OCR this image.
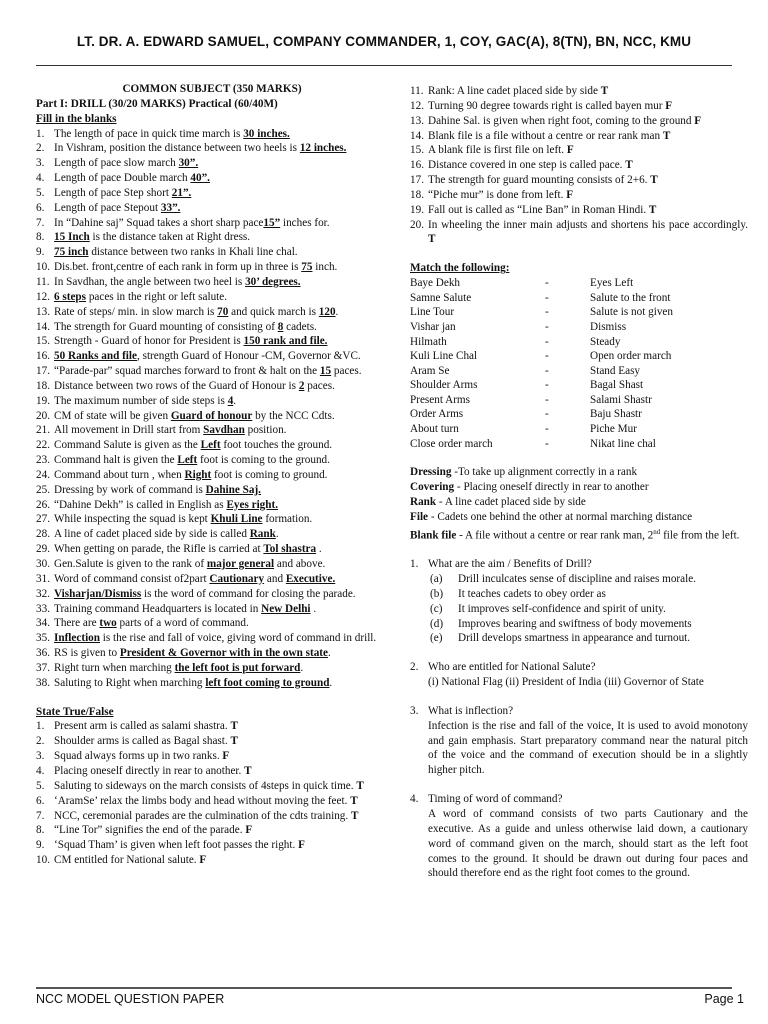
LT. DR. A. EDWARD SAMUEL, COMPANY COMMANDER, 1, COY, GAC(A), 8(TN), BN, NCC, KMU
COMMON SUBJECT (350 MARKS)
Part I: DRILL (30/20 MARKS) Practical (60/40M)
Fill in the blanks
1. The length of pace in quick time march is 30 inches.
2. In Vishram, position the distance between two heels is 12 inches.
3. Length of pace slow march 30”.
4. Length of pace Double march 40”.
5. Length of pace Step short 21”.
6. Length of pace Stepout 33”.
7. In “Dahine saj” Squad takes a short sharp pace15” inches for.
8. 15 Inch is the distance taken at Right dress.
9. 75 inch distance between two ranks in Khali line chal.
10. Dis.bet. front,centre of each rank in form up in three is 75 inch.
11. In Savdhan, the angle between two heel is 30’ degrees.
12. 6 steps paces in the right or left salute.
13. Rate of steps/ min. in slow march is 70 and quick march is 120.
14. The strength for Guard mounting of consisting of 8 cadets.
15. Strength - Guard of honor for President is 150 rank and file.
16. 50 Ranks and file, strength Guard of Honour -CM, Governor &VC.
17. “Parade-par” squad marches forward to front & halt on the 15 paces.
18. Distance between two rows of the Guard of Honour is 2 paces.
19. The maximum number of side steps is 4.
20. CM of state will be given Guard of honour by the NCC Cdts.
21. All movement in Drill start from Savdhan position.
22. Command Salute is given as the Left foot touches the ground.
23. Command halt is given the Left foot is coming to the ground.
24. Command about turn , when Right foot is coming to ground.
25. Dressing by work of command is Dahine Saj.
26. “Dahine Dekh” is called in English as Eyes right.
27. While inspecting the squad is kept Khuli Line formation.
28. A line of cadet placed side by side is called Rank.
29. When getting on parade, the Rifle is carried at Tol shastra .
30. Gen.Salute is given to the rank of major general and above.
31. Word of command consist of2part Cautionary and Executive.
32. Visharjan/Dismiss is the word of command for closing the parade.
33. Training command Headquarters is located in New Delhi .
34. There are two parts of a word of command.
35. Inflection is the rise and fall of voice, giving word of command in drill.
36. RS is given to President & Governor with in the own state.
37. Right turn when marching the left foot is put forward.
38. Saluting to Right when marching left foot coming to ground.
State True/False
1. Present arm is called as salami shastra. T
2. Shoulder arms is called as Bagal shast. T
3. Squad always forms up in two ranks. F
4. Placing oneself directly in rear to another. T
5. Saluting to sideways on the march consists of 4steps in quick time. T
6. ‘AramSe’ relax the limbs body and head without moving the feet. T
7. NCC, ceremonial parades are the culmination of the cdts training. T
8. “Line Tor” signifies the end of the parade. F
9. ‘Squad Tham’ is given when left foot passes the right. F
10. CM entitled for National salute. F
11. Rank: A line cadet placed side by side T
12. Turning 90 degree towards right is called bayen mur F
13. Dahine Sal. is given when right foot, coming to the ground F
14. Blank file is a file without a centre or rear rank man T
15. A blank file is first file on left. F
16. Distance covered in one step is called pace. T
17. The strength for guard mounting consists of 2+6. T
18. “Piche mur” is done from left. F
19. Fall out is called as “Line Ban” in Roman Hindi. T
20. In wheeling the inner main adjusts and shortens his pace accordingly. T
Match the following:
Baye Dekh	-	Eyes Left
Samne Salute	-	Salute to the front
Line Tour	-	Salute is not given
Vishar jan	-	Dismiss
Hilmath	-	Steady
Kuli Line Chal	-	Open order march
Aram Se	-	Stand Easy
Shoulder Arms	-	Bagal Shast
Present Arms	-	Salami Shastr
Order Arms	-	Baju Shastr
About turn	-	Piche Mur
Close order march	-	Nikat line chal
Dressing -To take up alignment correctly in a rank
Covering - Placing oneself directly in rear to another
Rank - A line cadet placed side by side
File - Cadets one behind the other at normal marching distance
Blank file - A file without a centre or rear rank man, 2nd file from the left.
1. What are the aim / Benefits of Drill?
(a) Drill inculcates sense of discipline and raises morale.
(b) It teaches cadets to obey order as
(c) It improves self-confidence and spirit of unity.
(d) Improves bearing and swiftness of body movements
(e) Drill develops smartness in appearance and turnout.
2. Who are entitled for National Salute?
(i) National Flag (ii) President of India (iii) Governor of State
3. What is inflection?
Infection is the rise and fall of the voice, It is used to avoid monotony and gain emphasis. Start preparatory command near the natural pitch of the voice and the command of execution should be in a slightly higher pitch.
4. Timing of word of command?
A word of command consists of two parts Cautionary and the executive. As a guide and unless otherwise laid down, a cautionary word of command given on the march, should start as the left foot comes to the ground. It should be drawn out during four paces and should therefore end as the right foot comes to the ground.
NCC MODEL QUESTION PAPER	Page 1
